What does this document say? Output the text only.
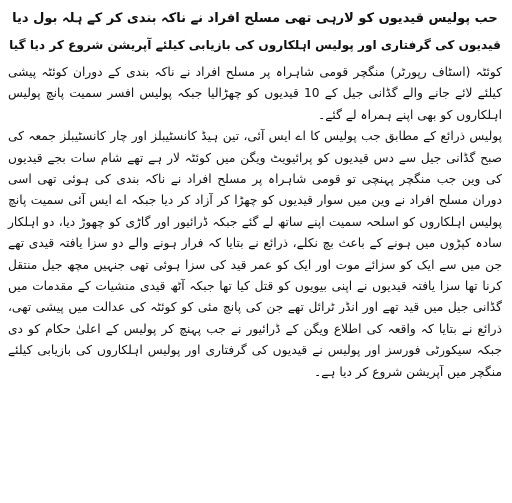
حب پولیس قیدیوں کو لارہی تھی مسلح افراد نے ناکہ بندی کر کے ہلہ بول دیا

قیدیوں کی گرفتاری اور پولیس اہلکاروں کی بازیابی کیلئے آپریشن شروع کر دیا گیا

کوئٹہ (اسٹاف رپورٹر) منگچر قومی شاہراہ پر مسلح افراد نے ناکہ بندی کے دوران کوئٹہ پیشی کیلئے لائے جانے والے گڈانی جیل کے 10 قیدیوں کو چھڑالیا جبکہ پولیس افسر سمیت پانچ پولیس اہلکاروں کو بھی اپنے ہمراہ لے گئے۔

پولیس ذرائع کے مطابق جب پولیس کا اے ایس آئی، تین ہیڈ کانسٹیبلز اور چار کانسٹیبلز جمعہ کی صبح گڈانی جیل سے دس قیدیوں کو پرائیویٹ ویگن میں کوئٹہ لار ہے تھے شام سات بجے قیدیوں کی وین جب منگچر پہنچی تو قومی شاہراہ پر مسلح افراد نے ناکہ بندی کی ہوئی تھی اسی دوران مسلح افراد نے وین میں سوار قیدیوں کو چھڑا کر آزاد کر دیا جبکہ اے ایس آئی سمیت پانچ پولیس اہلکاروں کو اسلحہ سمیت اپنے ساتھ لے گئے جبکہ ڈرائیور اور گاڑی کو چھوڑ دیا، دو اہلکار سادہ کپڑوں میں ہونے کے باعث بچ نکلے، ذرائع نے بتایا کہ فرار ہونے والے دو سزا یافتہ قیدی تھے جن میں سے ایک کو سزائے موت اور ایک کو عمر قید کی سزا ہوئی تھی جنہیں مچھ جیل منتقل کرنا تھا سزا یافتہ قیدیوں نے اپنی بیویوں کو قتل کیا تھا جبکہ آٹھ قیدی منشیات کے مقدمات میں گڈانی جیل میں قید تھے اور انڈر ٹرائل تھے جن کی پانچ مئی کو کوئٹہ کی عدالت میں پیشی تھی، ذرائع نے بتایا کہ واقعہ کی اطلاع ویگن کے ڈرائیور نے جب پہنچ کر پولیس کے اعلیٰ حکام کو دی جبکہ سیکورٹی فورسز اور پولیس نے قیدیوں کی گرفتاری اور پولیس اہلکاروں کی بازیابی کیلئے منگچر میں آپریشن شروع کر دیا ہے۔
